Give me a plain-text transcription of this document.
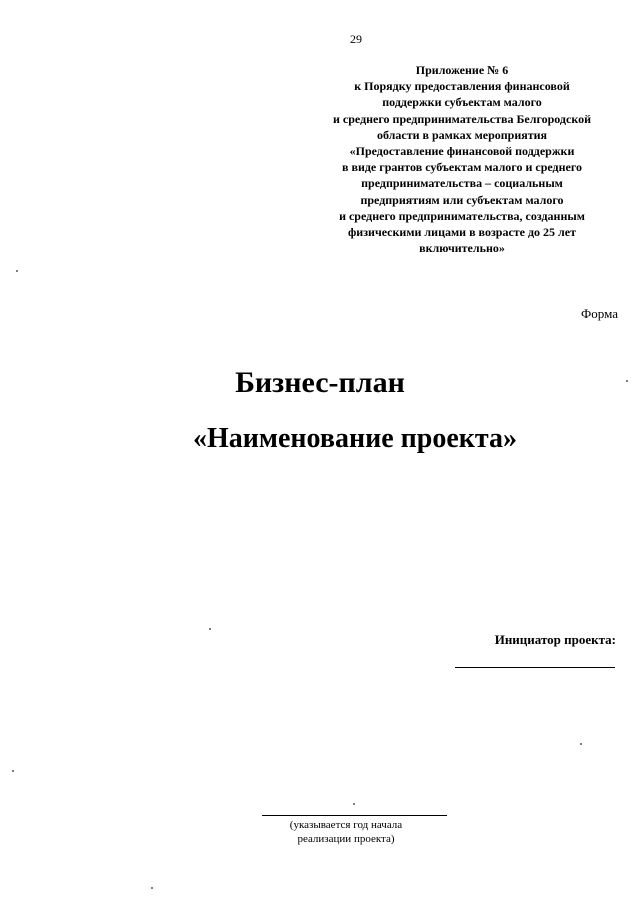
29
Приложение № 6
к Порядку предоставления финансовой
поддержки субъектам малого
и среднего предпринимательства Белгородской
области в рамках мероприятия
«Предоставление финансовой поддержки
в виде грантов субъектам малого и среднего
предпринимательства – социальным
предприятиям или субъектам малого
и среднего предпринимательства, созданным
физическими лицами в возрасте до 25 лет
включительно»
Форма
Бизнес-план
«Наименование проекта»
Инициатор проекта:
(указывается год начала
реализации проекта)
